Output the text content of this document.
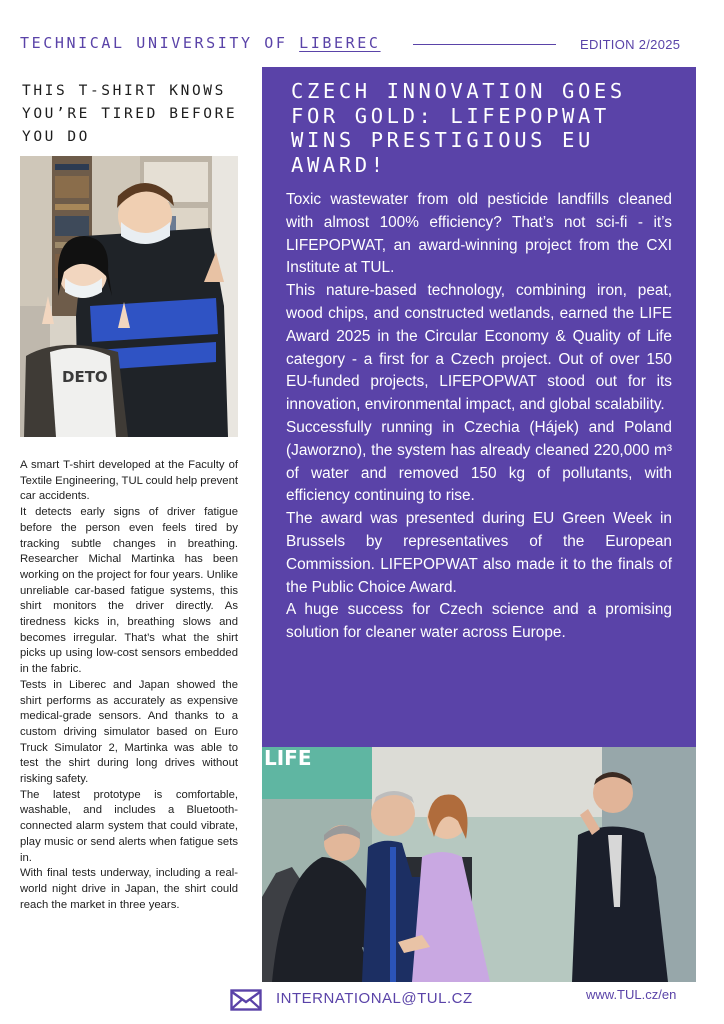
TECHNICAL UNIVERSITY OF LIBEREC	EDITION 2/2025
THIS T-SHIRT KNOWS YOU’RE TIRED BEFORE YOU DO
DETO

A smart T-shirt developed at the Faculty of Textile Engineering, TUL could help prevent car accidents.

It detects early signs of driver fatigue before the person even feels tired by tracking subtle changes in breathing. Researcher Michal Martinka has been working on the project for four years. Unlike unreliable car-based fatigue systems, this shirt monitors the driver directly. As tiredness kicks in, breathing slows and becomes irregular. That’s what the shirt picks up using low-cost sensors embedded in the fabric.

Tests in Liberec and Japan showed the shirt performs as accurately as expensive medical-grade sensors. And thanks to a custom driving simulator based on Euro Truck Simulator 2, Martinka was able to test the shirt during long drives without risking safety.

The latest prototype is comfortable, washable, and includes a Bluetooth-connected alarm system that could vibrate, play music or send alerts when fatigue sets in.

With final tests underway, including a real-world night drive in Japan, the shirt could reach the market in three years.

CZECH INNOVATION GOES FOR GOLD: LIFEPOPWAT WINS PRESTIGIOUS EU AWARD!

Toxic wastewater from old pesticide landfills cleaned with almost 100% efficiency? That’s not sci-fi - it’s LIFEPOPWAT, an award-winning project from the CXI Institute at TUL.

This nature-based technology, combining iron, peat, wood chips, and constructed wetlands, earned the LIFE Award 2025 in the Circular Economy & Quality of Life category - a first for a Czech project. Out of over 150 EU-funded projects, LIFEPOPWAT stood out for its innovation, environmental impact, and global scalability.

Successfully running in Czechia (Hájek) and Poland (Jaworzno), the system has already cleaned 220,000 m³ of water and removed 150 kg of pollutants, with efficiency continuing to rise.

The award was presented during EU Green Week in Brussels by representatives of the European Commission. LIFEPOPWAT also made it to the finals of the Public Choice Award.

A huge success for Czech science and a promising solution for cleaner water across Europe.

LIFE
INTERNATIONAL@TUL.CZ	www.TUL.cz/en
